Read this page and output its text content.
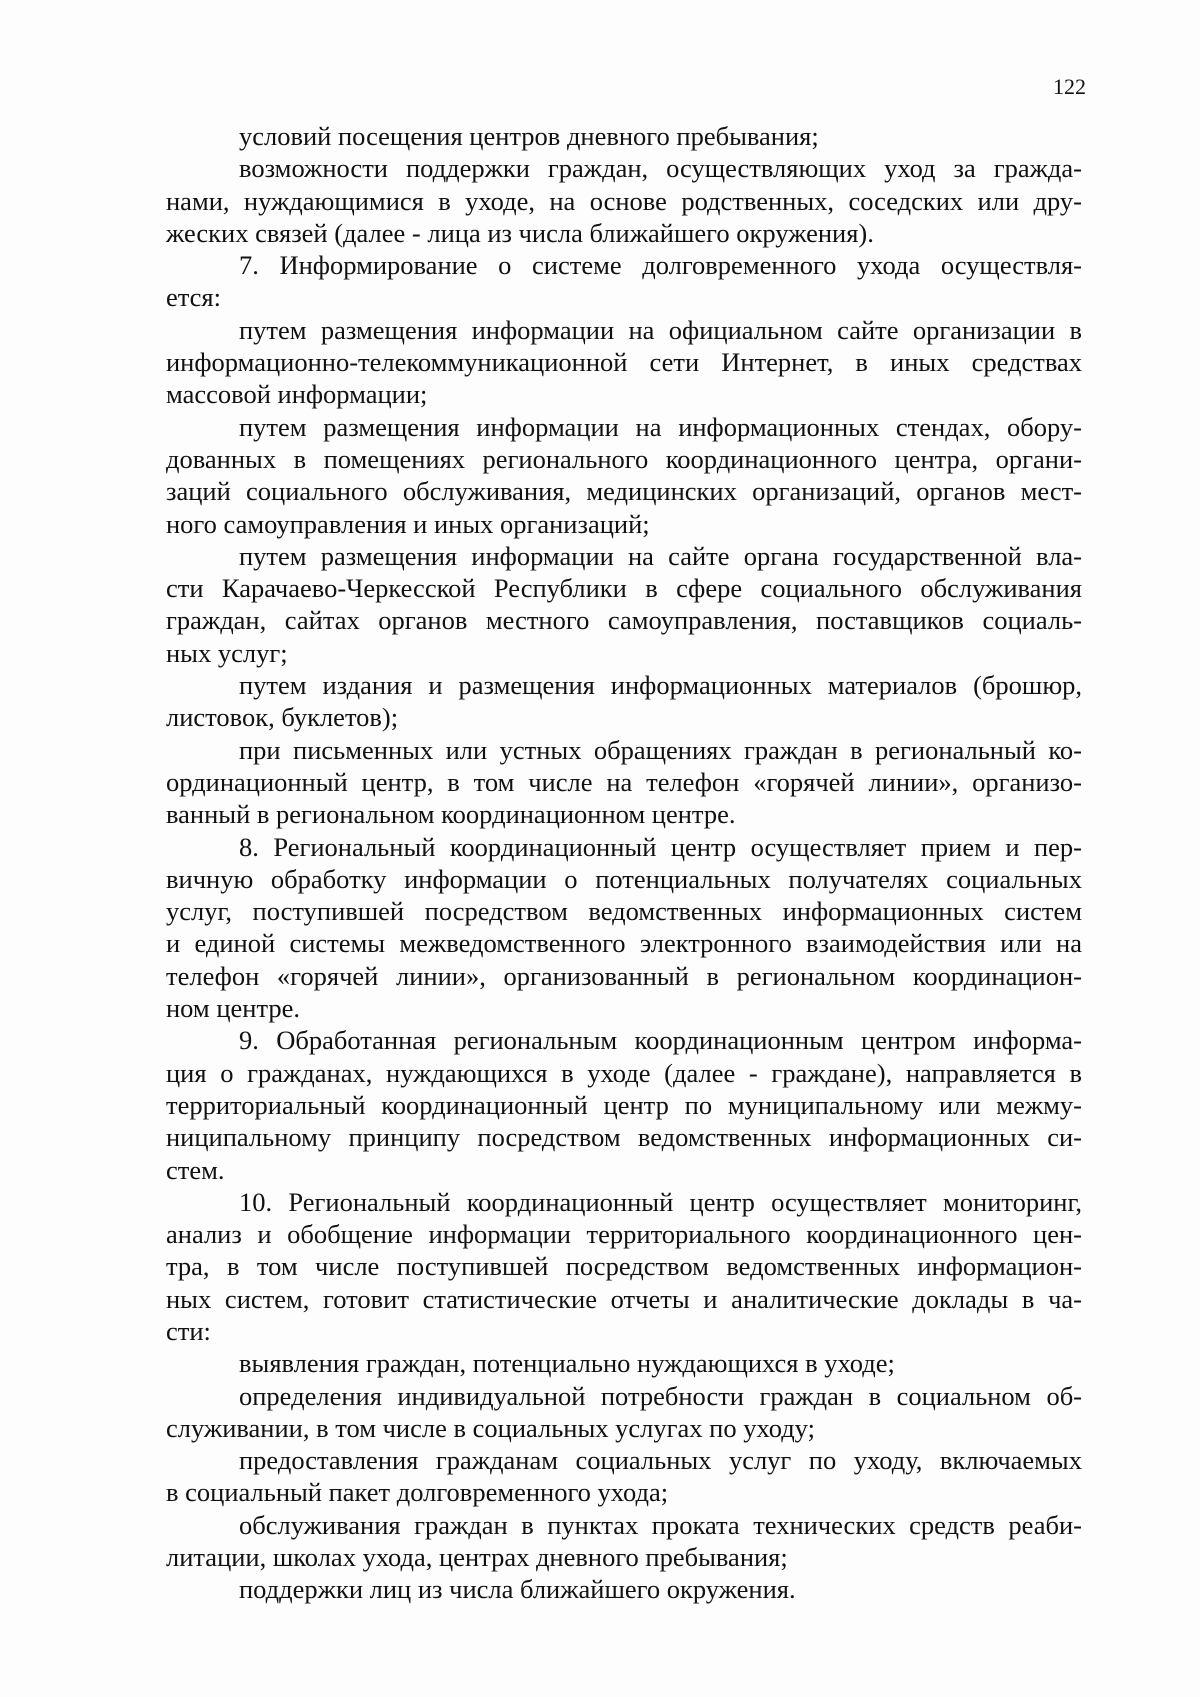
122
условий посещения центров дневного пребывания;
возможности поддержки граждан, осуществляющих уход за гражда-
нами, нуждающимися в уходе, на основе родственных, соседских или дру-
жеских связей (далее - лица из числа ближайшего окружения).
7. Информирование о системе долговременного ухода осуществля-
ется:
путем размещения информации на официальном сайте организации в
информационно-телекоммуникационной сети Интернет, в иных средствах
массовой информации;
путем размещения информации на информационных стендах, обору-
дованных в помещениях регионального координационного центра, органи-
заций социального обслуживания, медицинских организаций, органов мест-
ного самоуправления и иных организаций;
путем размещения информации на сайте органа государственной вла-
сти Карачаево-Черкесской Республики в сфере социального обслуживания
граждан, сайтах органов местного самоуправления, поставщиков социаль-
ных услуг;
путем издания и размещения информационных материалов (брошюр,
листовок, буклетов);
при письменных или устных обращениях граждан в региональный ко-
ординационный центр, в том числе на телефон «горячей линии», организо-
ванный в региональном координационном центре.
8. Региональный координационный центр осуществляет прием и пер-
вичную обработку информации о потенциальных получателях социальных
услуг, поступившей посредством ведомственных информационных систем
и единой системы межведомственного электронного взаимодействия или на
телефон «горячей линии», организованный в региональном координацион-
ном центре.
9. Обработанная региональным координационным центром информа-
ция о гражданах, нуждающихся в уходе (далее - граждане), направляется в
территориальный координационный центр по муниципальному или межму-
ниципальному принципу посредством ведомственных информационных си-
стем.
10. Региональный координационный центр осуществляет мониторинг,
анализ и обобщение информации территориального координационного цен-
тра, в том числе поступившей посредством ведомственных информацион-
ных систем, готовит статистические отчеты и аналитические доклады в ча-
сти:
выявления граждан, потенциально нуждающихся в уходе;
определения индивидуальной потребности граждан в социальном об-
служивании, в том числе в социальных услугах по уходу;
предоставления гражданам социальных услуг по уходу, включаемых
в социальный пакет долговременного ухода;
обслуживания граждан в пунктах проката технических средств реаби-
литации, школах ухода, центрах дневного пребывания;
поддержки лиц из числа ближайшего окружения.
